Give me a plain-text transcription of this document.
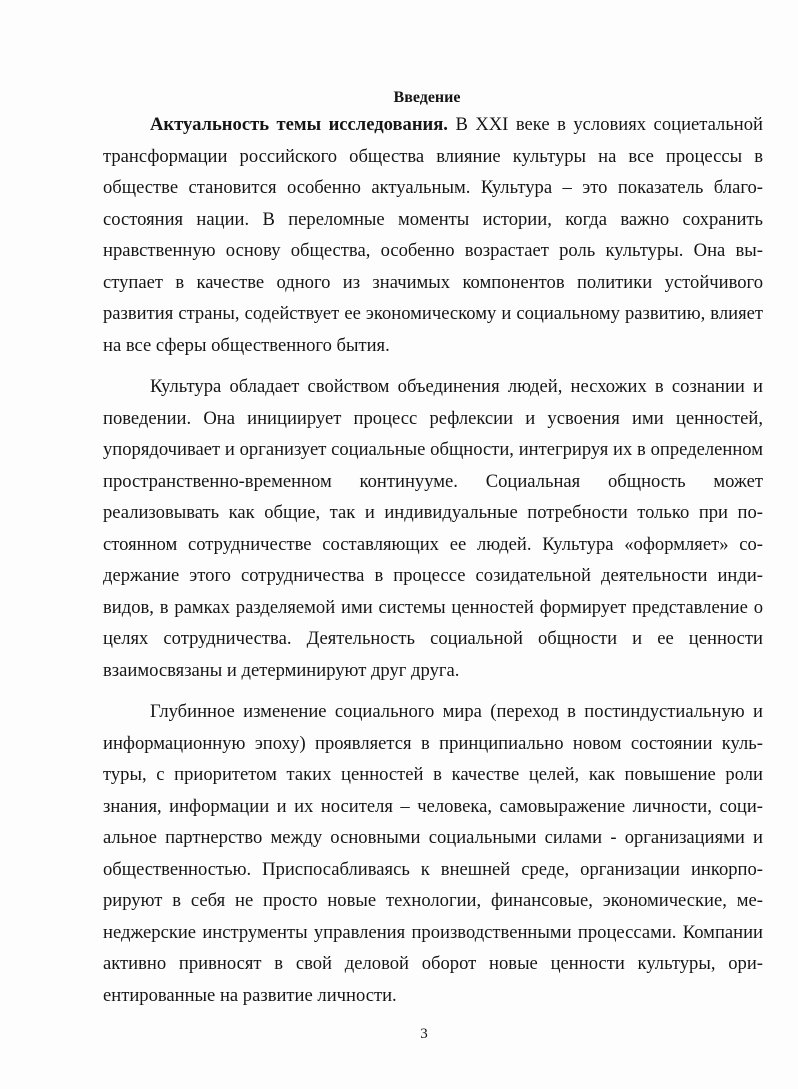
Введение

Актуальность темы исследования. В XXI веке в условиях социетальной трансформации российского общества влияние культуры на все процессы в обществе становится особенно актуальным. Культура – это показатель благосостояния нации. В переломные моменты истории, когда важно сохранить нравственную основу общества, особенно возрастает роль культуры. Она выступает в качестве одного из значимых компонентов политики устойчивого развития страны, содействует ее экономическому и социальному развитию, влияет на все сферы общественного бытия.

Культура обладает свойством объединения людей, несхожих в сознании и поведении. Она инициирует процесс рефлексии и усвоения ими ценностей, упорядочивает и организует социальные общности, интегрируя их в определенном пространственно-временном континууме. Социальная общность может реализовывать как общие, так и индивидуальные потребности только при постоянном сотрудничестве составляющих ее людей. Культура «оформляет» содержание этого сотрудничества в процессе созидательной деятельности индивидов, в рамках разделяемой ими системы ценностей формирует представление о целях сотрудничества. Деятельность социальной общности и ее ценности взаимосвязаны и детерминируют друг друга.

Глубинное изменение социального мира (переход в постиндустиальную и информационную эпоху) проявляется в принципиально новом состоянии культуры, с приоритетом таких ценностей в качестве целей, как повышение роли знания, информации и их носителя – человека, самовыражение личности, социальное партнерство между основными социальными силами - организациями и общественностью. Приспосабливаясь к внешней среде, организации инкорпорируют в себя не просто новые технологии, финансовые, экономические, менеджерские инструменты управления производственными процессами. Компании активно привносят в свой деловой оборот новые ценности культуры, ориентированные на развитие личности.

3
